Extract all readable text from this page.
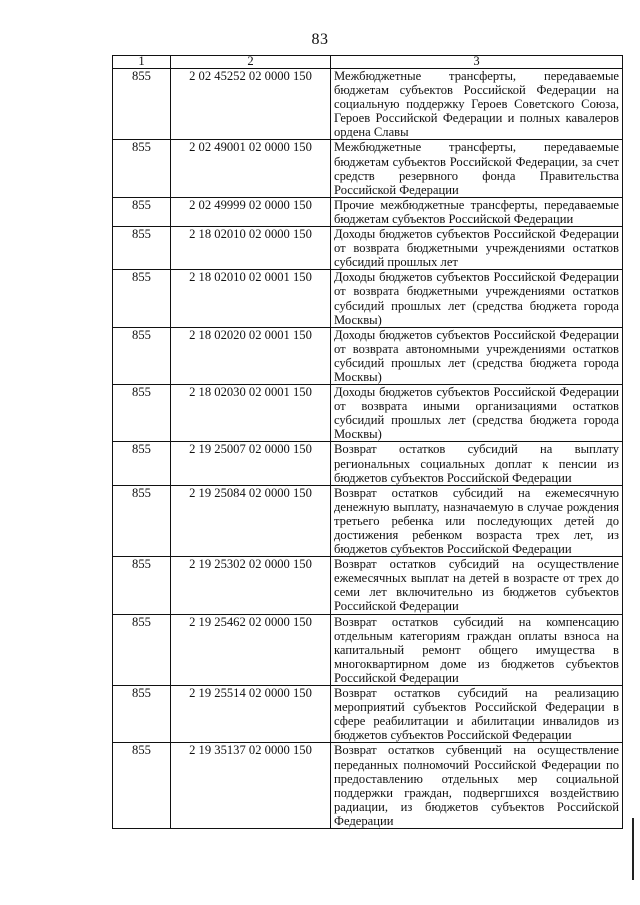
83
1	2	3
855	2 02 45252 02 0000 150	Межбюджетные трансферты, передаваемые бюджетам субъектов Российской Федерации на социальную поддержку Героев Советского Союза, Героев Российской Федерации и полных кавалеров ордена Славы
855	2 02 49001 02 0000 150	Межбюджетные трансферты, передаваемые бюджетам субъектов Российской Федерации, за счет средств резервного фонда Правительства Российской Федерации
855	2 02 49999 02 0000 150	Прочие межбюджетные трансферты, передаваемые бюджетам субъектов Российской Федерации
855	2 18 02010 02 0000 150	Доходы бюджетов субъектов Российской Федерации от возврата бюджетными учреждениями остатков субсидий прошлых лет
855	2 18 02010 02 0001 150	Доходы бюджетов субъектов Российской Федерации от возврата бюджетными учреждениями остатков субсидий прошлых лет (средства бюджета города Москвы)
855	2 18 02020 02 0001 150	Доходы бюджетов субъектов Российской Федерации от возврата автономными учреждениями остатков субсидий прошлых лет (средства бюджета города Москвы)
855	2 18 02030 02 0001 150	Доходы бюджетов субъектов Российской Федерации от возврата иными организациями остатков субсидий прошлых лет (средства бюджета города Москвы)
855	2 19 25007 02 0000 150	Возврат остатков субсидий на выплату региональных социальных доплат к пенсии из бюджетов субъектов Российской Федерации
855	2 19 25084 02 0000 150	Возврат остатков субсидий на ежемесячную денежную выплату, назначаемую в случае рождения третьего ребенка или последующих детей до достижения ребенком возраста трех лет, из бюджетов субъектов Российской Федерации
855	2 19 25302 02 0000 150	Возврат остатков субсидий на осуществление ежемесячных выплат на детей в возрасте от трех до семи лет включительно из бюджетов субъектов Российской Федерации
855	2 19 25462 02 0000 150	Возврат остатков субсидий на компенсацию отдельным категориям граждан оплаты взноса на капитальный ремонт общего имущества в многоквартирном доме из бюджетов субъектов Российской Федерации
855	2 19 25514 02 0000 150	Возврат остатков субсидий на реализацию мероприятий субъектов Российской Федерации в сфере реабилитации и абилитации инвалидов из бюджетов субъектов Российской Федерации
855	2 19 35137 02 0000 150	Возврат остатков субвенций на осуществление переданных полномочий Российской Федерации по предоставлению отдельных мер социальной поддержки граждан, подвергшихся воздействию радиации, из бюджетов субъектов Российской Федерации
